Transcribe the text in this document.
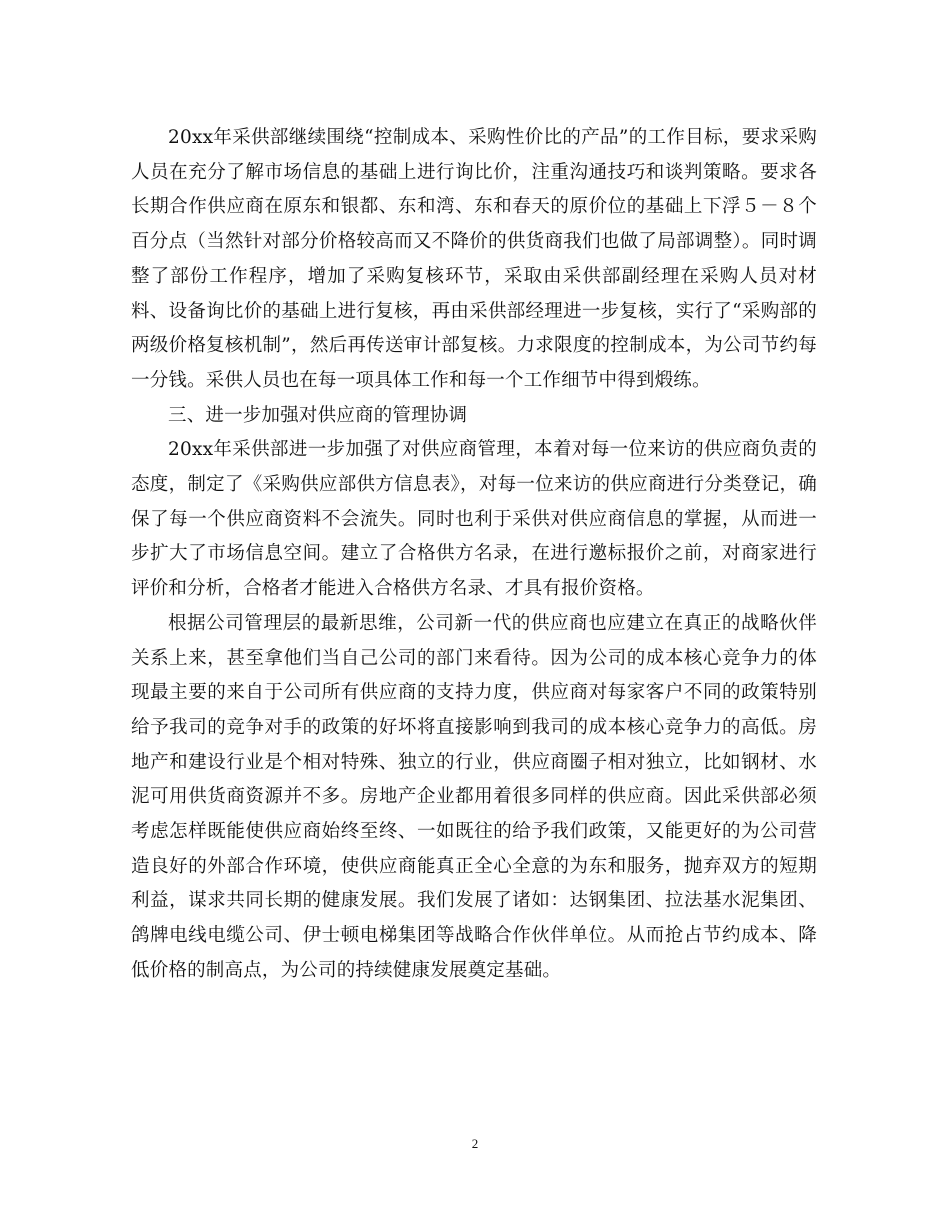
20xx年采供部继续围绕“控制成本、采购性价比的产品”的工作目标，要求采购人员在充分了解市场信息的基础上进行询比价，注重沟通技巧和谈判策略。要求各长期合作供应商在原东和银都、东和湾、东和春天的原价位的基础上下浮５－８个百分点（当然针对部分价格较高而又不降价的供货商我们也做了局部调整）。同时调整了部份工作程序，增加了采购复核环节，采取由采供部副经理在采购人员对材料、设备询比价的基础上进行复核，再由采供部经理进一步复核，实行了“采购部的两级价格复核机制”，然后再传送审计部复核。力求限度的控制成本，为公司节约每一分钱。采供人员也在每一项具体工作和每一个工作细节中得到煅练。

三、进一步加强对供应商的管理协调

20xx年采供部进一步加强了对供应商管理，本着对每一位来访的供应商负责的态度，制定了《采购供应部供方信息表》，对每一位来访的供应商进行分类登记，确保了每一个供应商资料不会流失。同时也利于采供对供应商信息的掌握，从而进一步扩大了市场信息空间。建立了合格供方名录，在进行邀标报价之前，对商家进行评价和分析，合格者才能进入合格供方名录、才具有报价资格。

根据公司管理层的最新思维，公司新一代的供应商也应建立在真正的战略伙伴关系上来，甚至拿他们当自己公司的部门来看待。因为公司的成本核心竞争力的体现最主要的来自于公司所有供应商的支持力度，供应商对每家客户不同的政策特别给予我司的竞争对手的政策的好坏将直接影响到我司的成本核心竞争力的高低。房地产和建设行业是个相对特殊、独立的行业，供应商圈子相对独立，比如钢材、水泥可用供货商资源并不多。房地产企业都用着很多同样的供应商。因此采供部必须考虑怎样既能使供应商始终至终、一如既往的给予我们政策，又能更好的为公司营造良好的外部合作环境，使供应商能真正全心全意的为东和服务，抛弃双方的短期利益，谋求共同长期的健康发展。我们发展了诸如：达钢集团、拉法基水泥集团、鸽牌电线电缆公司、伊士顿电梯集团等战略合作伙伴单位。从而抢占节约成本、降低价格的制高点，为公司的持续健康发展奠定基础。

2
